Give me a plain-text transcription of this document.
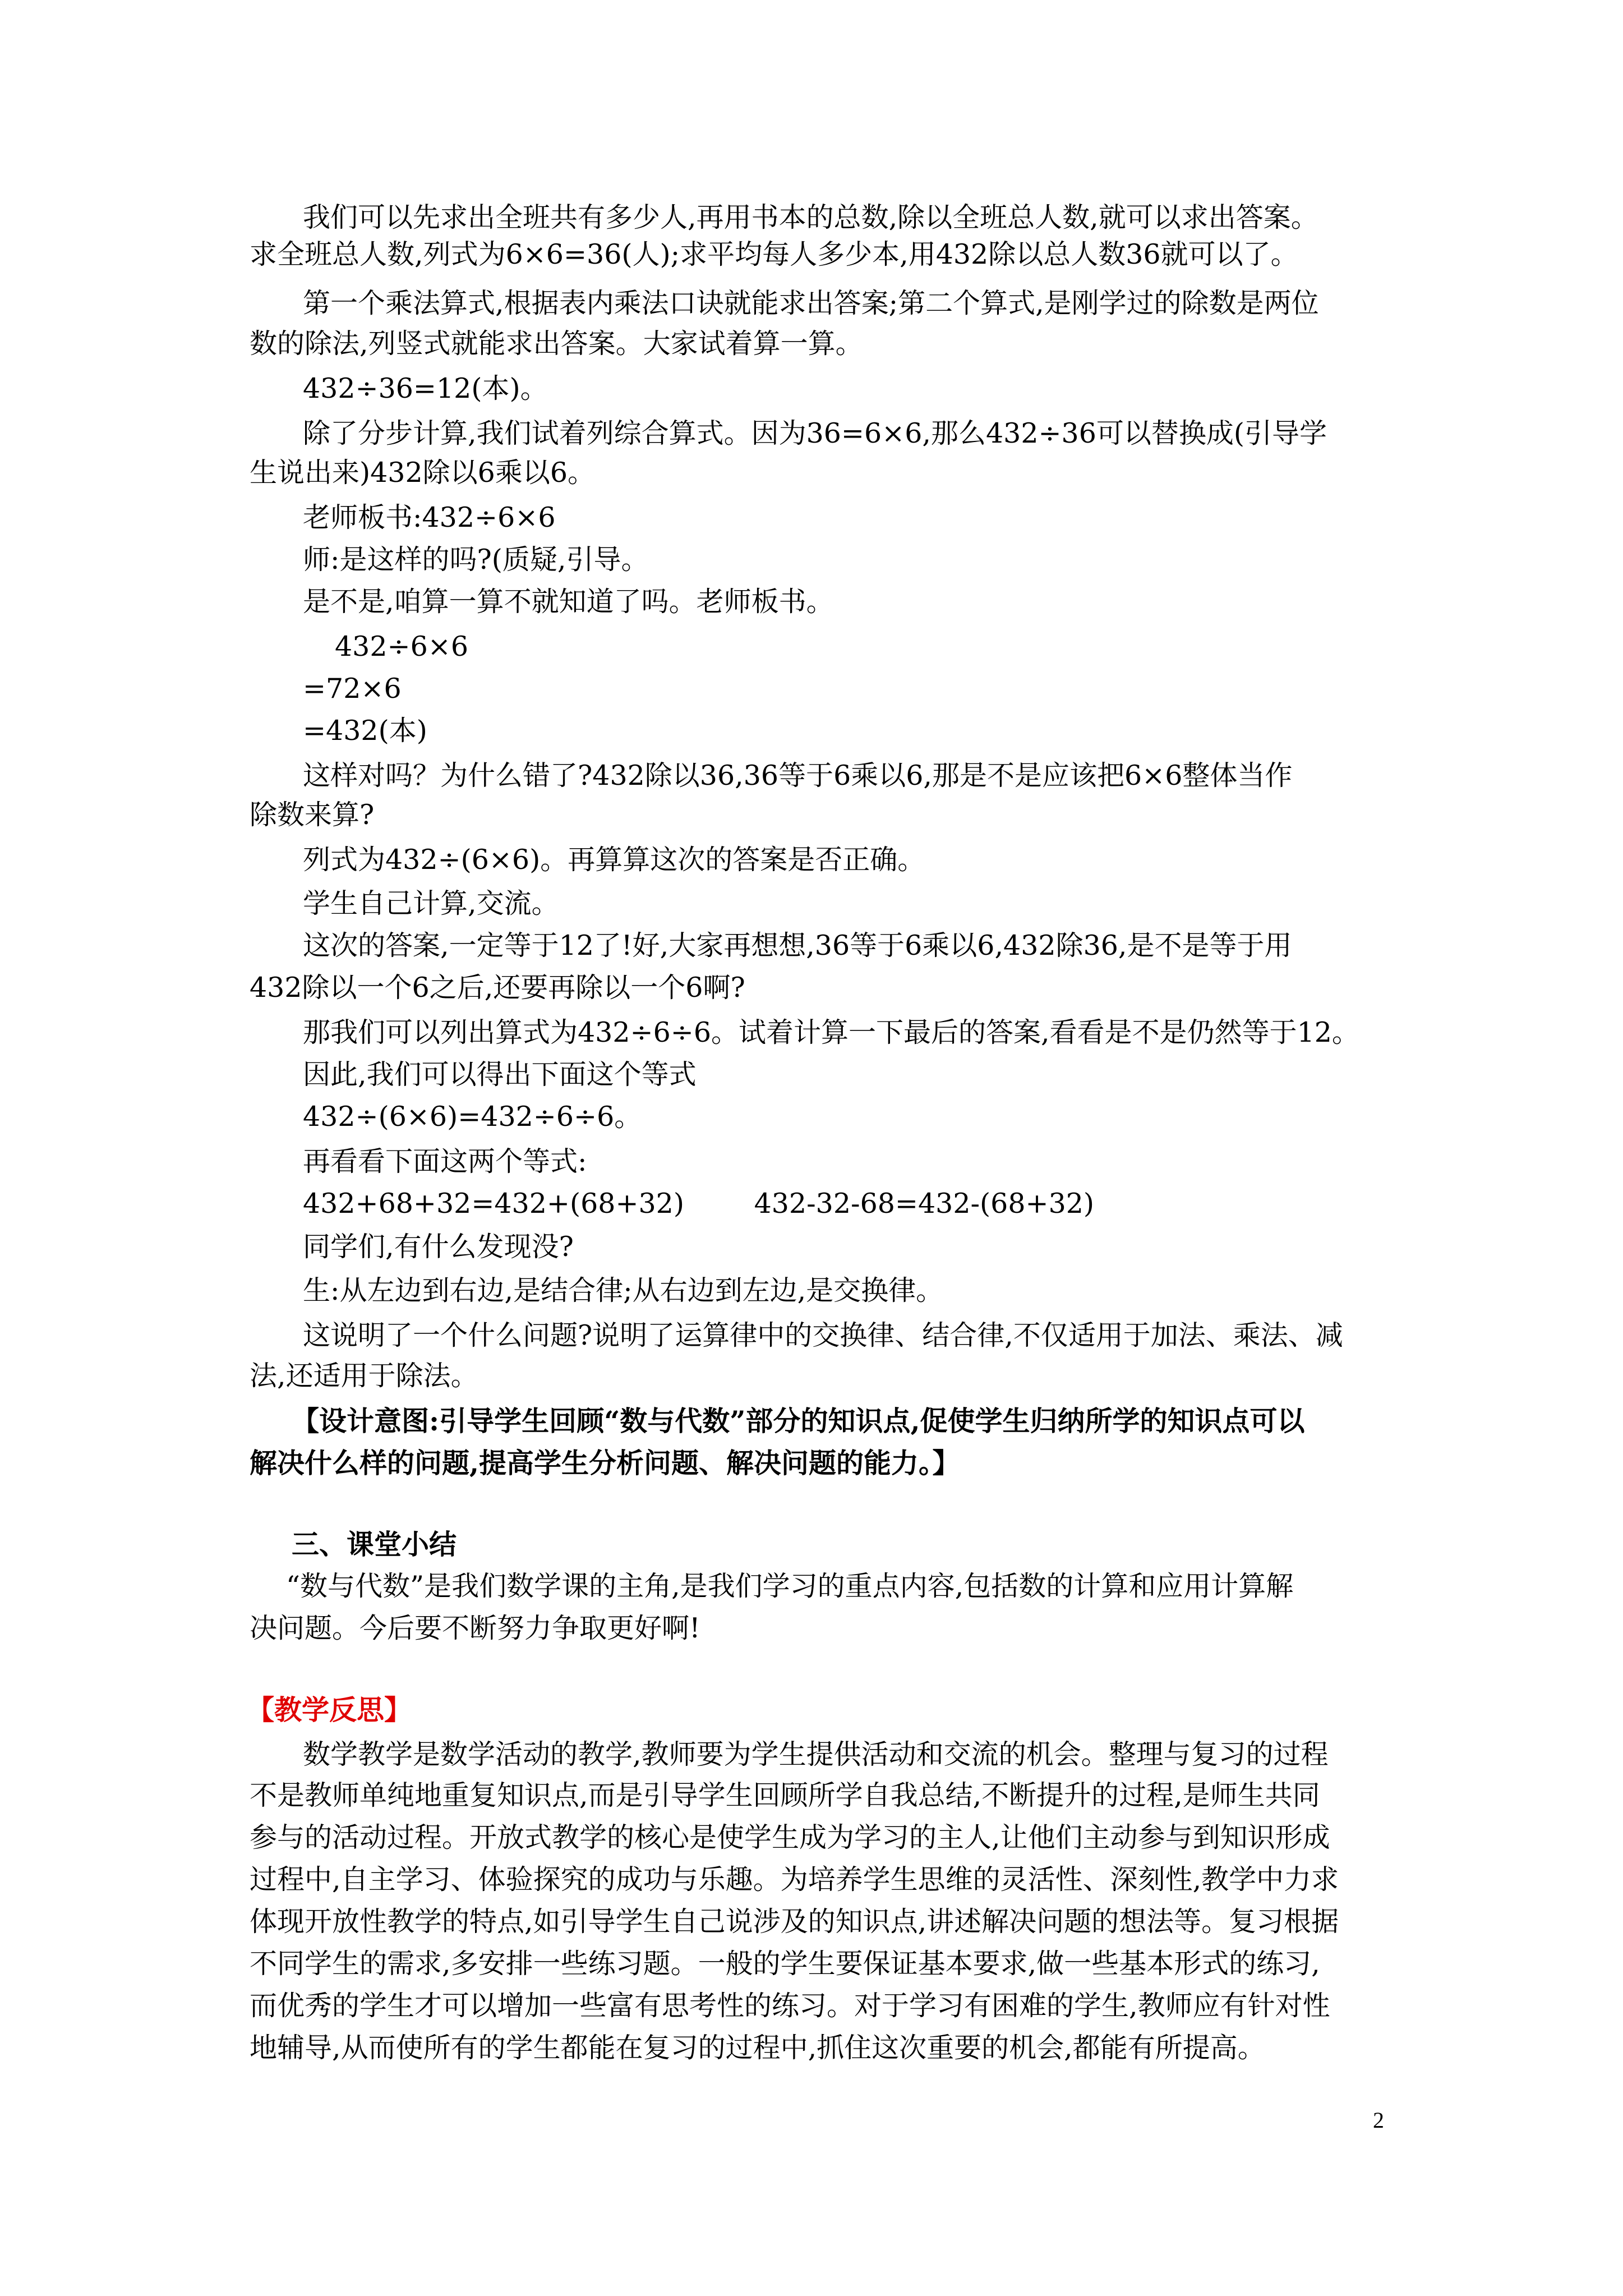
我们可以先求出全班共有多少人,再用书本的总数,除以全班总人数,就可以求出答案。
求全班总人数,列式为6×6=36(人);求平均每人多少本,用432除以总人数36就可以了。
第一个乘法算式,根据表内乘法口诀就能求出答案;第二个算式,是刚学过的除数是两位
数的除法,列竖式就能求出答案。大家试着算一算。
432÷36=12(本)。
除了分步计算,我们试着列综合算式。因为36=6×6,那么432÷36可以替换成(引导学
生说出来)432除以6乘以6。
老师板书:432÷6×6
师:是这样的吗?(质疑,引导。
是不是,咱算一算不就知道了吗。老师板书。
432÷6×6
=72×6
=432(本)
这样对吗？为什么错了?432除以36,36等于6乘以6,那是不是应该把6×6整体当作
除数来算?
列式为432÷(6×6)。再算算这次的答案是否正确。
学生自己计算,交流。
这次的答案,一定等于12了!好,大家再想想,36等于6乘以6,432除36,是不是等于用
432除以一个6之后,还要再除以一个6啊?
那我们可以列出算式为432÷6÷6。试着计算一下最后的答案,看看是不是仍然等于12。
因此,我们可以得出下面这个等式
432÷(6×6)=432÷6÷6。
再看看下面这两个等式:
432+68+32=432+(68+32)        432-32-68=432-(68+32)
同学们,有什么发现没?
生:从左边到右边,是结合律;从右边到左边,是交换律。
这说明了一个什么问题?说明了运算律中的交换律、结合律,不仅适用于加法、乘法、减
法,还适用于除法。
【设计意图:引导学生回顾“数与代数”部分的知识点,促使学生归纳所学的知识点可以
解决什么样的问题,提高学生分析问题、解决问题的能力。】
三、课堂小结
“数与代数”是我们数学课的主角,是我们学习的重点内容,包括数的计算和应用计算解
决问题。今后要不断努力争取更好啊!
【教学反思】
数学教学是数学活动的教学,教师要为学生提供活动和交流的机会。整理与复习的过程
不是教师单纯地重复知识点,而是引导学生回顾所学自我总结,不断提升的过程,是师生共同
参与的活动过程。开放式教学的核心是使学生成为学习的主人,让他们主动参与到知识形成
过程中,自主学习、体验探究的成功与乐趣。为培养学生思维的灵活性、深刻性,教学中力求
体现开放性教学的特点,如引导学生自己说涉及的知识点,讲述解决问题的想法等。复习根据
不同学生的需求,多安排一些练习题。一般的学生要保证基本要求,做一些基本形式的练习,
而优秀的学生才可以增加一些富有思考性的练习。对于学习有困难的学生,教师应有针对性
地辅导,从而使所有的学生都能在复习的过程中,抓住这次重要的机会,都能有所提高。
2
